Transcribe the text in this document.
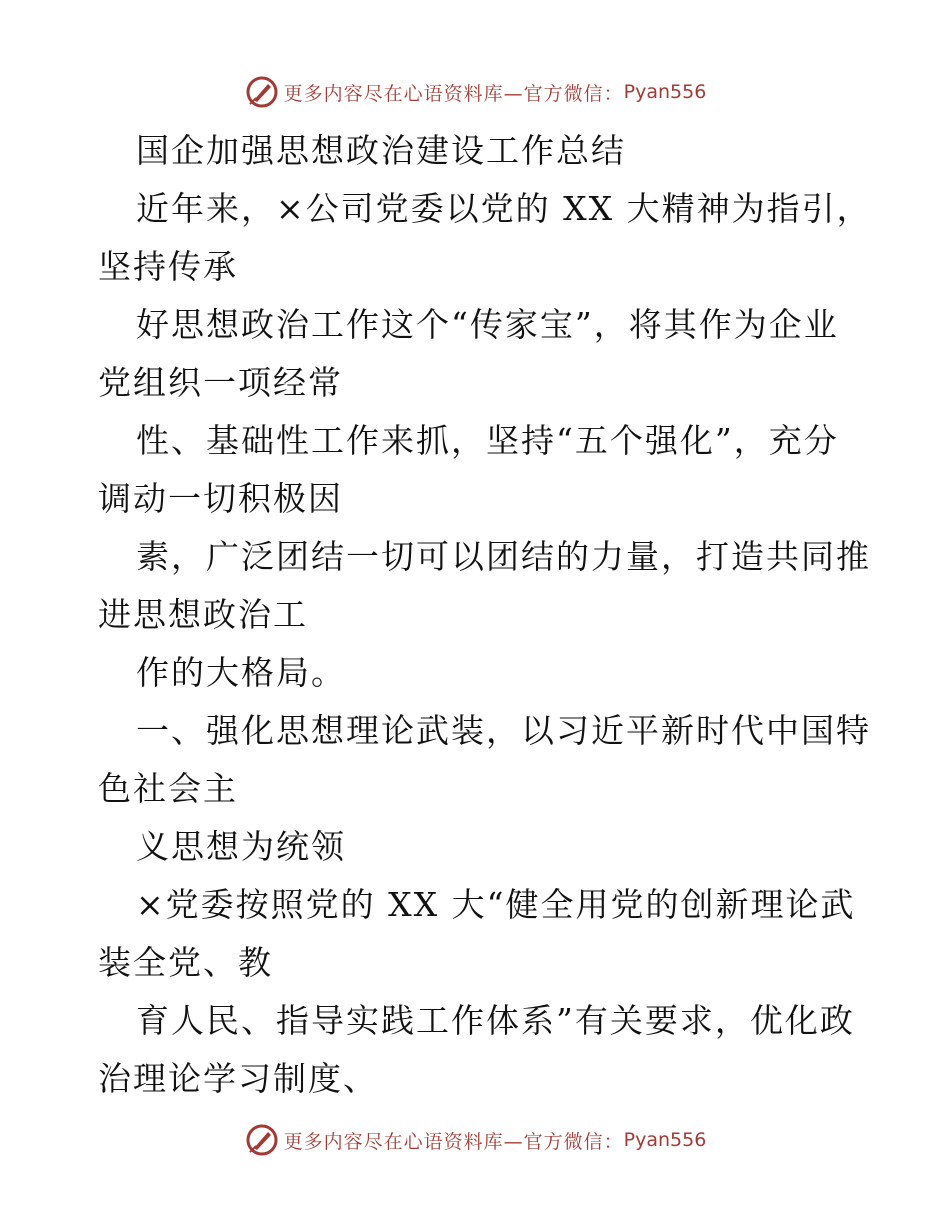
更多内容尽在心语资料库—官方微信： Pyan556
国企加强思想政治建设工作总结
近年来，×公司党委以党的 XX 大精神为指引，
坚持传承
好思想政治工作这个“传家宝”，将其作为企业
党组织一项经常
性、基础性工作来抓，坚持“五个强化”，充分
调动一切积极因
素，广泛团结一切可以团结的力量，打造共同推
进思想政治工
作的大格局。
一、强化思想理论武装，以习近平新时代中国特
色社会主
义思想为统领
×党委按照党的 XX 大“健全用党的创新理论武
装全党、教
育人民、指导实践工作体系”有关要求，优化政
治理论学习制度、
更多内容尽在心语资料库—官方微信： Pyan556
